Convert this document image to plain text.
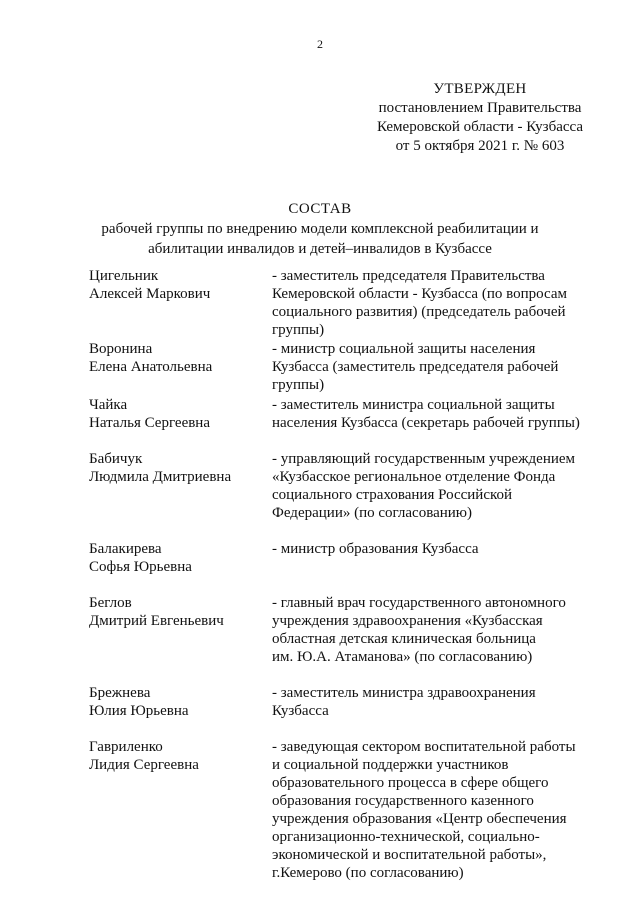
2
УТВЕРЖДЕН
постановлением Правительства
Кемеровской области - Кузбасса
от 5 октября 2021 г. № 603
СОСТАВ
рабочей группы по внедрению модели комплексной реабилитации и
абилитации инвалидов и детей–инвалидов в Кузбассе
Цигельник
Алексей Маркович
- заместитель председателя Правительства
Кемеровской области - Кузбасса (по вопросам
социального развития) (председатель рабочей
группы)
Воронина
Елена Анатольевна
- министр социальной защиты населения
Кузбасса (заместитель председателя рабочей
группы)
Чайка
Наталья Сергеевна
- заместитель министра социальной защиты
населения Кузбасса (секретарь рабочей группы)
Бабичук
Людмила Дмитриевна
- управляющий государственным учреждением
«Кузбасское региональное отделение Фонда
социального страхования Российской
Федерации» (по согласованию)
Балакирева
Софья Юрьевна
- министр образования Кузбасса
Беглов
Дмитрий Евгеньевич
- главный врач государственного автономного
учреждения здравоохранения «Кузбасская
областная детская клиническая больница
им. Ю.А. Атаманова» (по согласованию)
Брежнева
Юлия Юрьевна
- заместитель министра здравоохранения
Кузбасса
Гавриленко
Лидия Сергеевна
- заведующая сектором воспитательной работы
и социальной поддержки участников
образовательного процесса в сфере общего
образования государственного казенного
учреждения образования «Центр обеспечения
организационно-технической, социально-
экономической и воспитательной работы»,
г.Кемерово (по согласованию)
